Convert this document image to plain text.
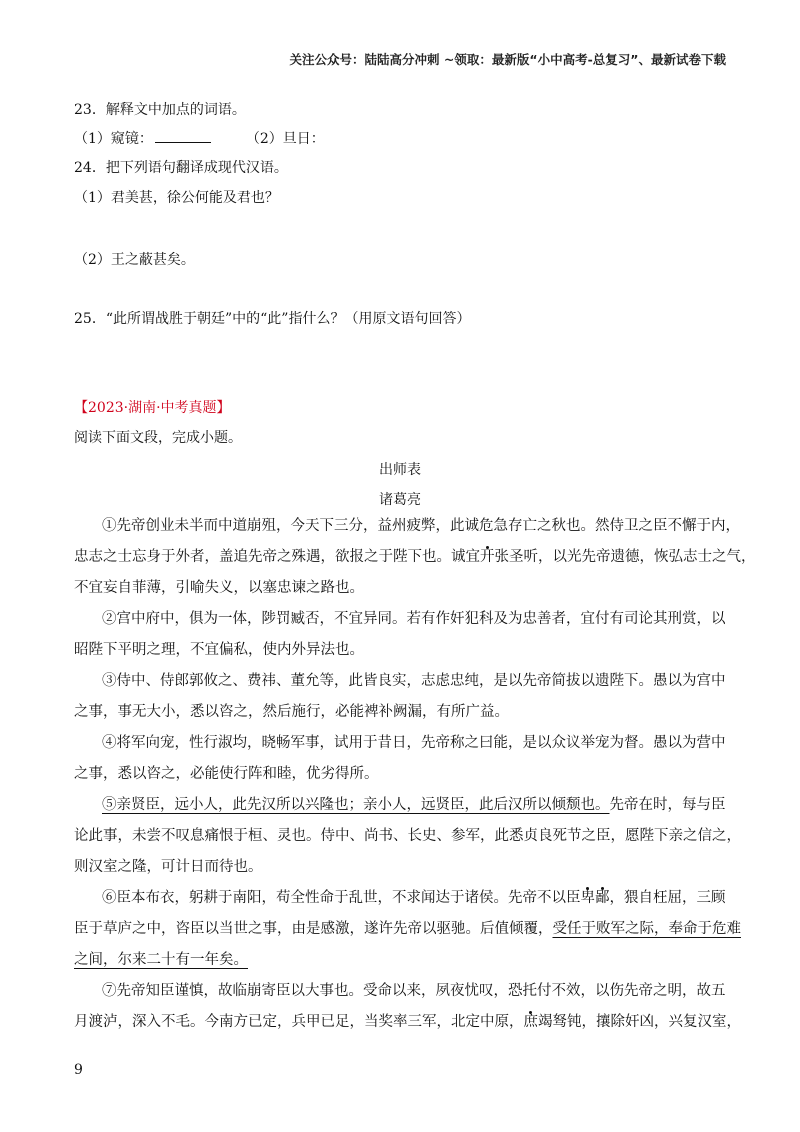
关注公众号：陆陆高分冲刺 ~领取：最新版“小中高考-总复习”、最新试卷下载
23．解释文中加点的词语。
（1）窥镜：	（2）旦日：
24．把下列语句翻译成现代汉语。
（1）君美甚，徐公何能及君也？
（2）王之蔽甚矣。
25．“此所谓战胜于朝廷”中的“此”指什么？（用原文语句回答）
【2023·湖南·中考真题】
阅读下面文段，完成小题。
出师表
诸葛亮
①先帝创业未半而中道崩殂，今天下三分，益州疲弊，此诚危急存亡之秋也。然侍卫之臣不懈于内，
忠志之士忘身于外者，盖追先帝之殊遇，欲报之于陛下也。诚宜开张圣听，以光先帝遗德，恢弘志士之气，
不宜妄自菲薄，引喻失义，以塞忠谏之路也。
②宫中府中，俱为一体，陟罚臧否，不宜异同。若有作奸犯科及为忠善者，宜付有司论其刑赏，以
昭陛下平明之理，不宜偏私，使内外异法也。
③侍中、侍郎郭攸之、费祎、董允等，此皆良实，志虑忠纯，是以先帝简拔以遗陛下。愚以为宫中
之事，事无大小，悉以咨之，然后施行，必能裨补阙漏，有所广益。
④将军向宠，性行淑均，晓畅军事，试用于昔日，先帝称之曰能，是以众议举宠为督。愚以为营中
之事，悉以咨之，必能使行阵和睦，优劣得所。
⑤亲贤臣，远小人，此先汉所以兴隆也；亲小人，远贤臣，此后汉所以倾颓也。先帝在时，每与臣
论此事，未尝不叹息痛恨于桓、灵也。侍中、尚书、长史、参军，此悉贞良死节之臣，愿陛下亲之信之，
则汉室之隆，可计日而待也。
⑥臣本布衣，躬耕于南阳，苟全性命于乱世，不求闻达于诸侯。先帝不以臣卑鄙，猥自枉屈，三顾
臣于草庐之中，咨臣以当世之事，由是感激，遂许先帝以驱驰。后值倾覆，受任于败军之际，奉命于危难
之间，尔来二十有一年矣。
⑦先帝知臣谨慎，故临崩寄臣以大事也。受命以来，夙夜忧叹，恐托付不效，以伤先帝之明，故五
月渡泸，深入不毛。今南方已定，兵甲已足，当奖率三军，北定中原，庶竭驽钝，攘除奸凶，兴复汉室，
9
